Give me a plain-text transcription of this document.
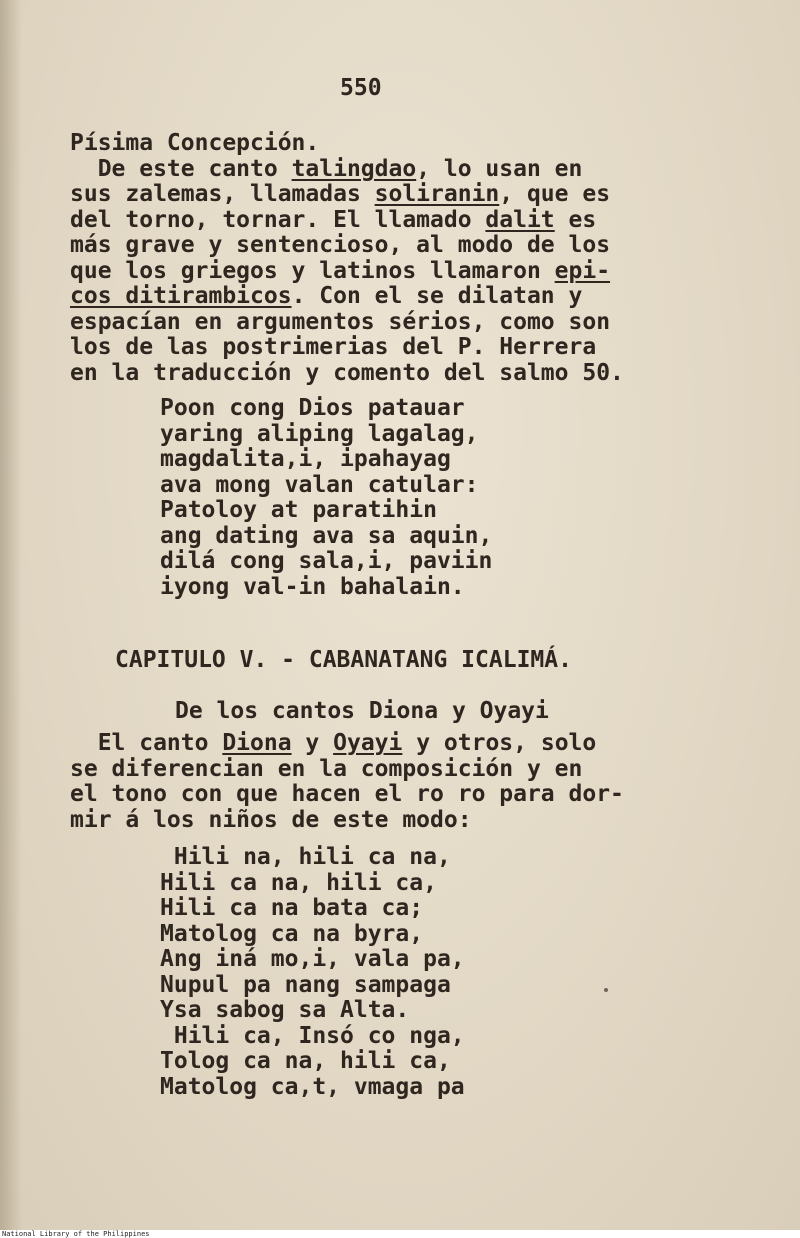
550
Písima Concepción.
De este canto talingdao, lo usan en
sus zalemas, llamadas soliranin, que es
del torno, tornar. El llamado dalit es
más grave y sentencioso, al modo de los
que los griegos y latinos llamaron epi-
cos ditirambicos. Con el se dilatan y
espacían en argumentos sérios, como son
los de las postrimerias del P. Herrera
en la traducción y comento del salmo 50.
Poon cong Dios patauar
yaring aliping lagalag,
magdalita,i, ipahayag
ava mong valan catular:
Patoloy at paratihin
ang dating ava sa aquin,
dilá cong sala,i, paviin
iyong val-in bahalain.
CAPITULO V. - CABANATANG ICALIMÁ.
De los cantos Diona y Oyayi
El canto Diona y Oyayi y otros, solo
se diferencian en la composición y en
el tono con que hacen el ro ro para dor-
mir á los niños de este modo:
Hili na, hili ca na,
Hili ca na, hili ca,
Hili ca na bata ca;
Matolog ca na byra,
Ang iná mo,i, vala pa,
Nupul pa nang sampaga
Ysa sabog sa Alta.
Hili ca, Insó co nga,
Tolog ca na, hili ca,
Matolog ca,t, vmaga pa
National Library of the Philippines
